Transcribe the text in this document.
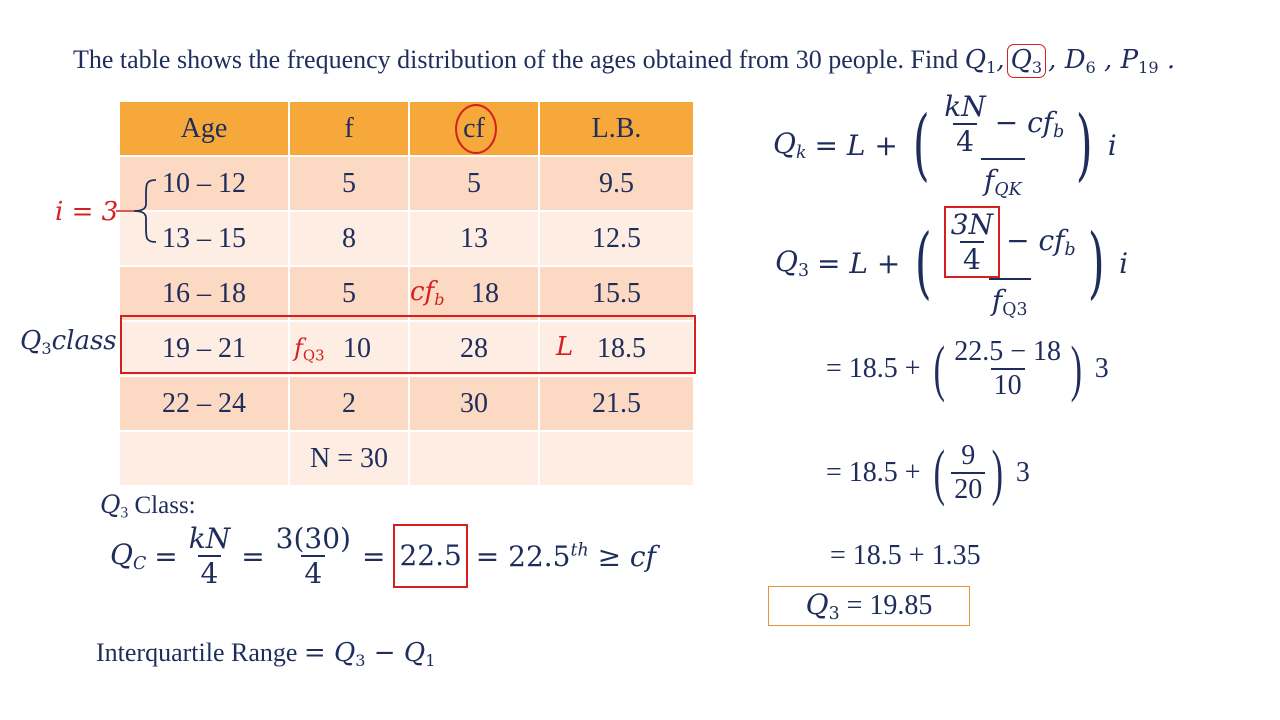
The table shows the frequency distribution of the ages obtained from 30 people. Find $Q_1$, $Q_3$ , $D_6$ , $P_{19}$ .
Age	f	cf	L.B.
10 – 12	5	5	9.5
13 – 15	8	13	12.5
16 – 18	5	$cf_b$ 18	15.5
19 – 21	$f_{Q3}$ 10	28	L 18.5
22 – 24	2	30	21.5
	N = 30		
i = 3
$Q_3class$
$Q_3$ Class:
$Q_C = \frac{kN}{4} = \frac{3(30)}{4} = 22.5 = 22.5th$ ≥ cf
Interquartile Range = $Q_3 - Q_1$
$Q_k = L$ + ( $\frac{\frac{kN}{4} - cf_b}{f_{QK}}$ ) i
$Q_3 = L$ + ( $\frac{\frac{3N}{4} - cf_b}{f_{Q3}}$ ) i
= 18.5 + ( $\frac{22.5 - 18}{10}$ ) 3
= 18.5 + ( $\frac{9}{20}$ ) 3
= 18.5 + 1.35
$Q_3$
= 19.85
